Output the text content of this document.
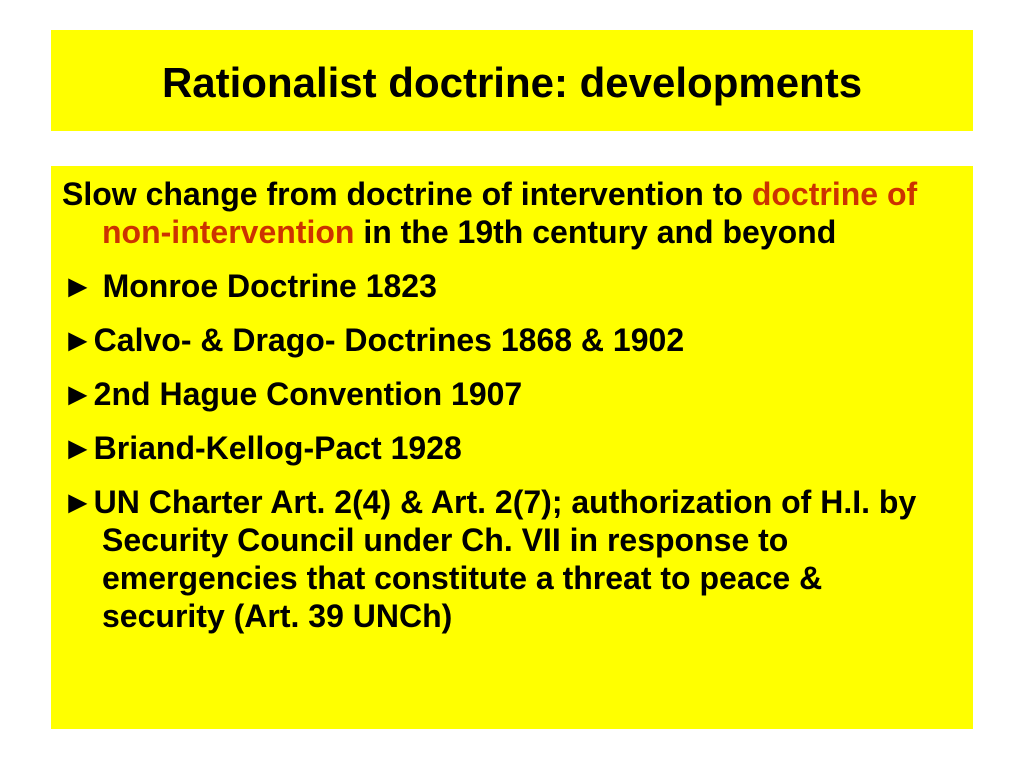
Rationalist doctrine: developments

Slow change from doctrine of intervention to doctrine of non-intervention in the 19th century and beyond

► Monroe Doctrine 1823

►Calvo- & Drago- Doctrines 1868 & 1902

►2nd Hague Convention 1907

►Briand-Kellog-Pact 1928

►UN Charter Art. 2(4) & Art. 2(7); authorization of H.I. by Security Council under Ch. VII in response to emergencies that constitute a threat to peace & security (Art. 39 UNCh)
